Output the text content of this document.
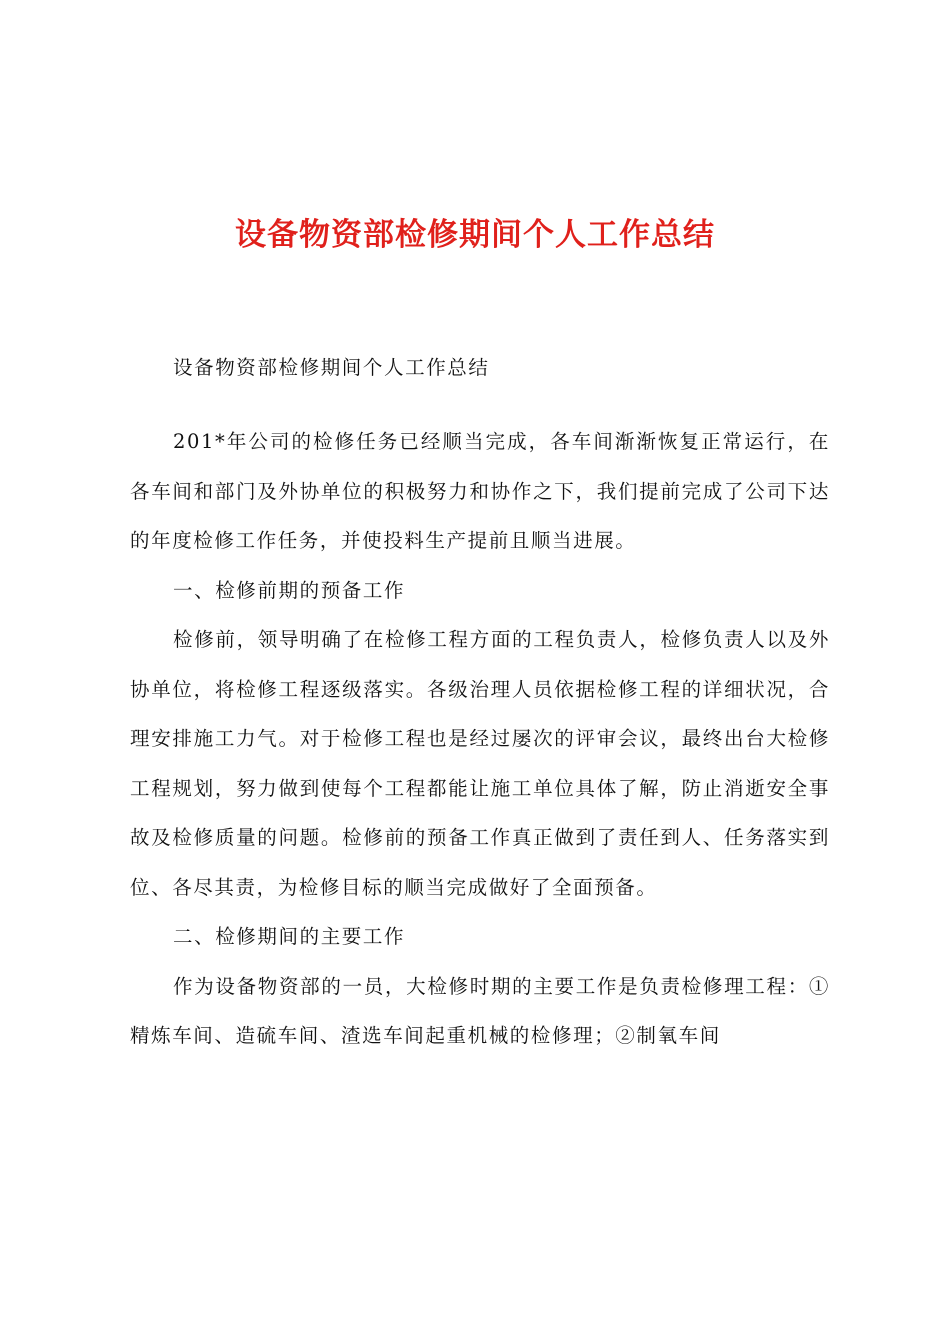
设备物资部检修期间个人工作总结
设备物资部检修期间个人工作总结

201*年公司的检修任务已经顺当完成，各车间渐渐恢复正常运行，在各车间和部门及外协单位的积极努力和协作之下，我们提前完成了公司下达的年度检修工作任务，并使投料生产提前且顺当进展。

一、检修前期的预备工作

检修前，领导明确了在检修工程方面的工程负责人，检修负责人以及外协单位，将检修工程逐级落实。各级治理人员依据检修工程的详细状况，合理安排施工力气。对于检修工程也是经过屡次的评审会议，最终出台大检修工程规划，努力做到使每个工程都能让施工单位具体了解，防止消逝安全事故及检修质量的问题。检修前的预备工作真正做到了责任到人、任务落实到位、各尽其责，为检修目标的顺当完成做好了全面预备。

二、检修期间的主要工作

作为设备物资部的一员，大检修时期的主要工作是负责检修理工程：①精炼车间、造硫车间、渣选车间起重机械的检修理；②制氧车间
